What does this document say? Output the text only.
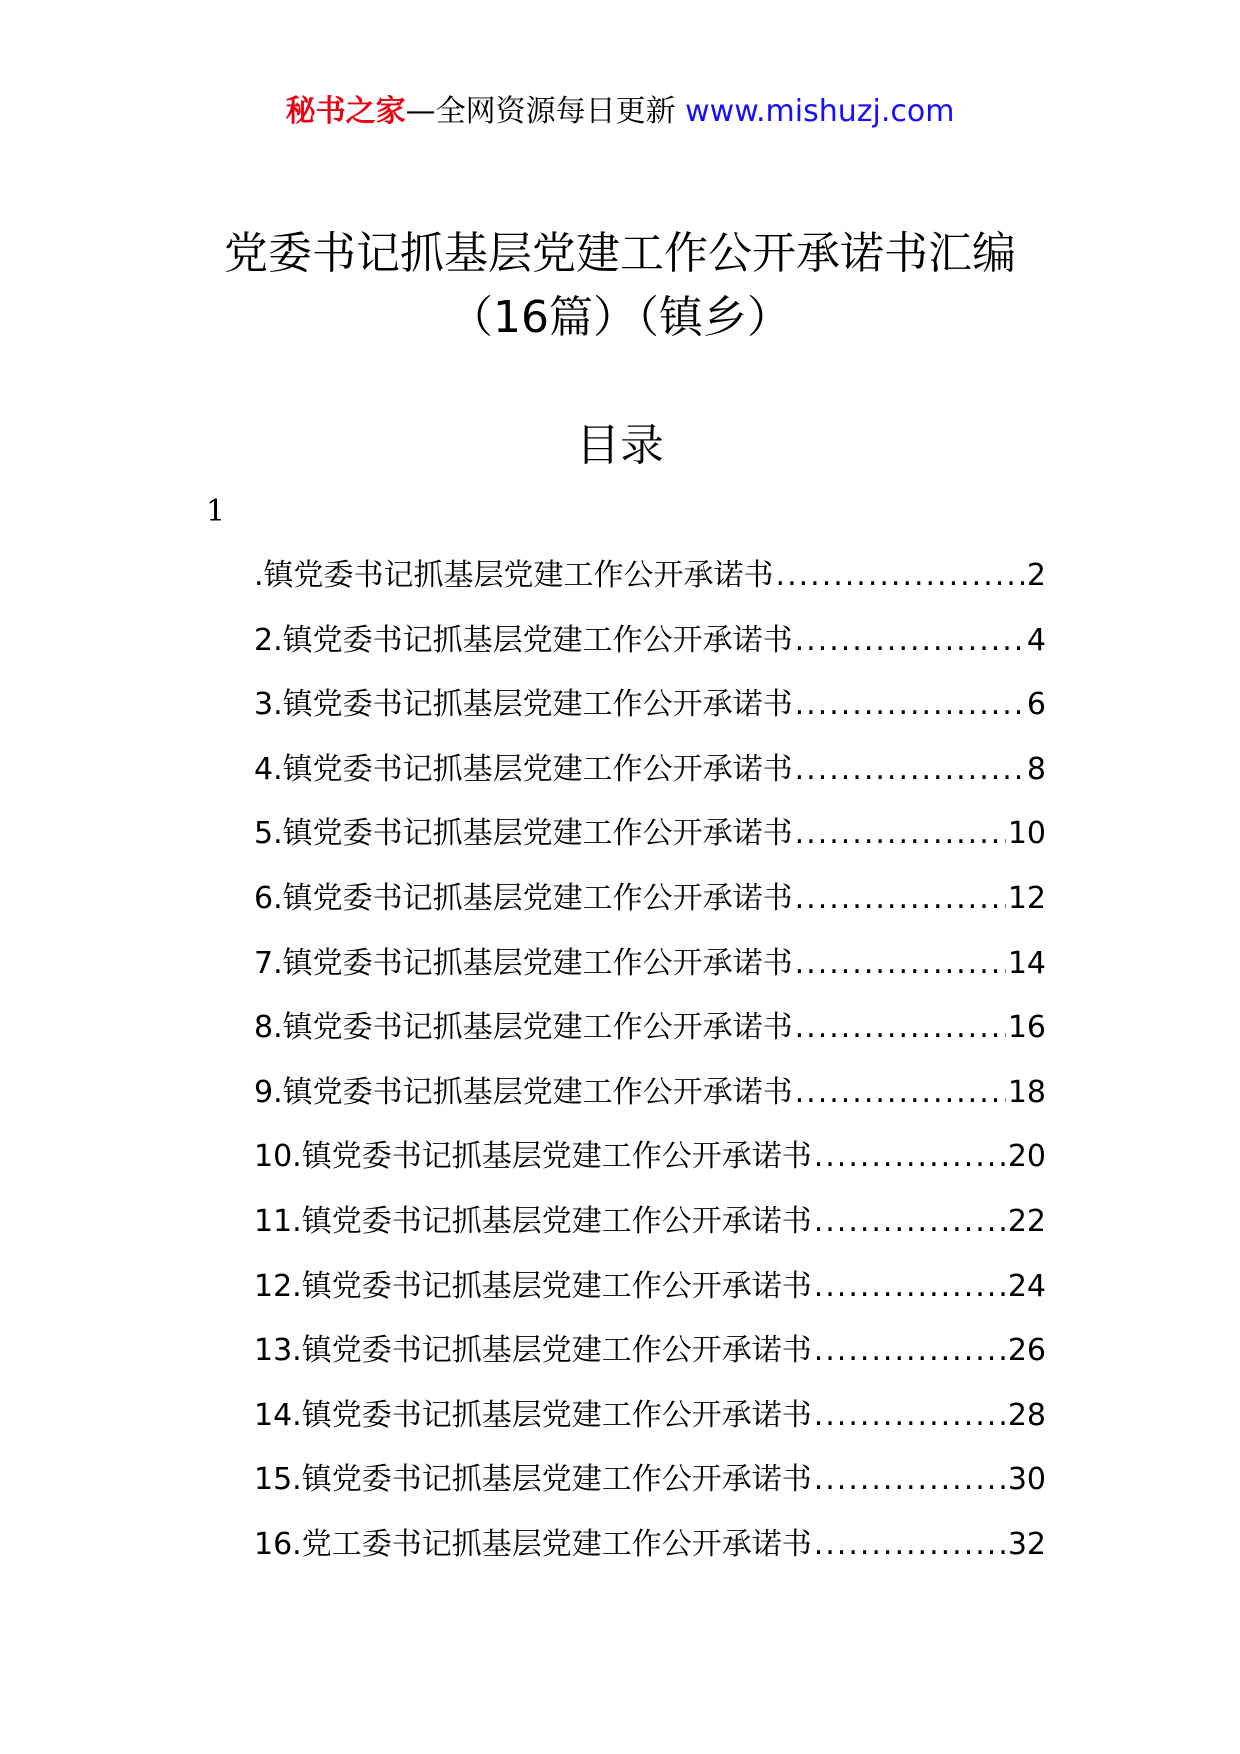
秘书之家—全网资源每日更新 www.mishuzj.com
党委书记抓基层党建工作公开承诺书汇编
（16篇）（镇乡）
目录
1
.镇党委书记抓基层党建工作公开承诺书 .....	2
2.镇党委书记抓基层党建工作公开承诺书 .....	4
3.镇党委书记抓基层党建工作公开承诺书 .....	6
4.镇党委书记抓基层党建工作公开承诺书 .....	8
5.镇党委书记抓基层党建工作公开承诺书 .....	10
6.镇党委书记抓基层党建工作公开承诺书 .....	12
7.镇党委书记抓基层党建工作公开承诺书 .....	14
8.镇党委书记抓基层党建工作公开承诺书 .....	16
9.镇党委书记抓基层党建工作公开承诺书 .....	18
10.镇党委书记抓基层党建工作公开承诺书 .....	20
11.镇党委书记抓基层党建工作公开承诺书 .....	22
12.镇党委书记抓基层党建工作公开承诺书 .....	24
13.镇党委书记抓基层党建工作公开承诺书 .....	26
14.镇党委书记抓基层党建工作公开承诺书 .....	28
15.镇党委书记抓基层党建工作公开承诺书 .....	30
16.党工委书记抓基层党建工作公开承诺书 .....	32
